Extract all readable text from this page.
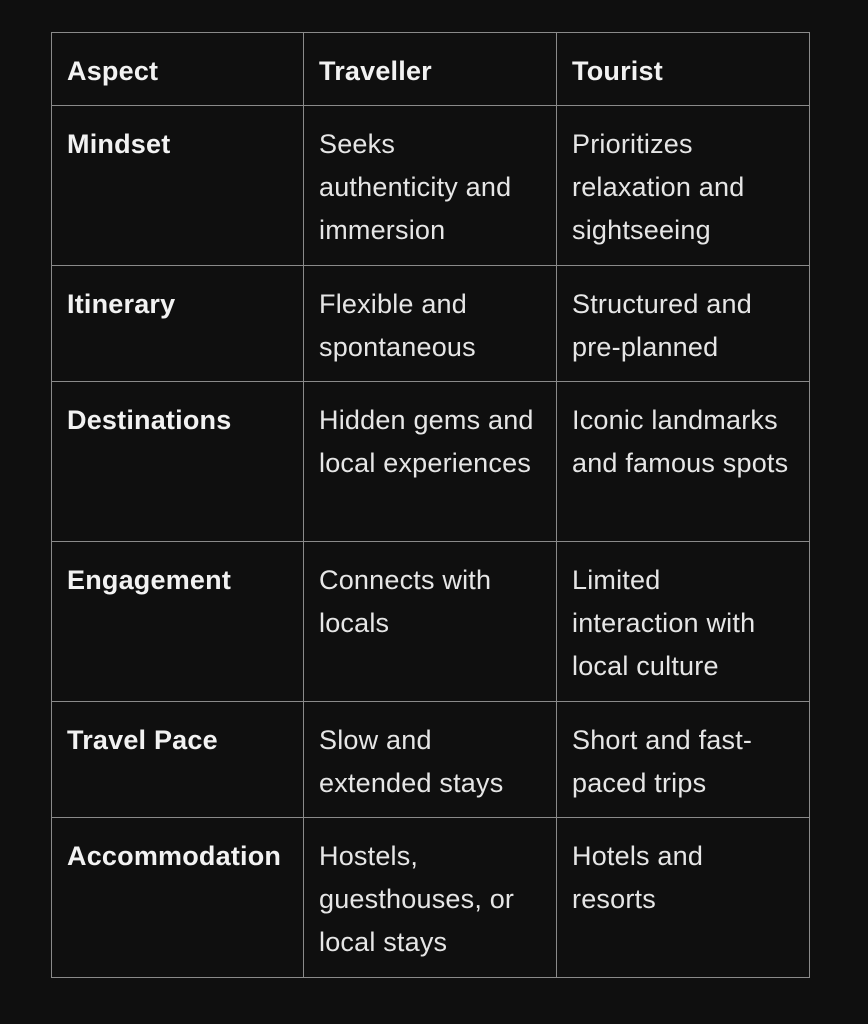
Aspect	Traveller	Tourist
Mindset	Seeks authenticity and immersion	Prioritizes relaxation and sightseeing
Itinerary	Flexible and spontaneous	Structured and pre-planned
Destinations	Hidden gems and local experiences	Iconic landmarks and famous spots
Engagement	Connects with locals	Limited interaction with local culture
Travel Pace	Slow and extended stays	Short and fast-paced trips
Accommodation	Hostels, guesthouses, or local stays	Hotels and resorts
